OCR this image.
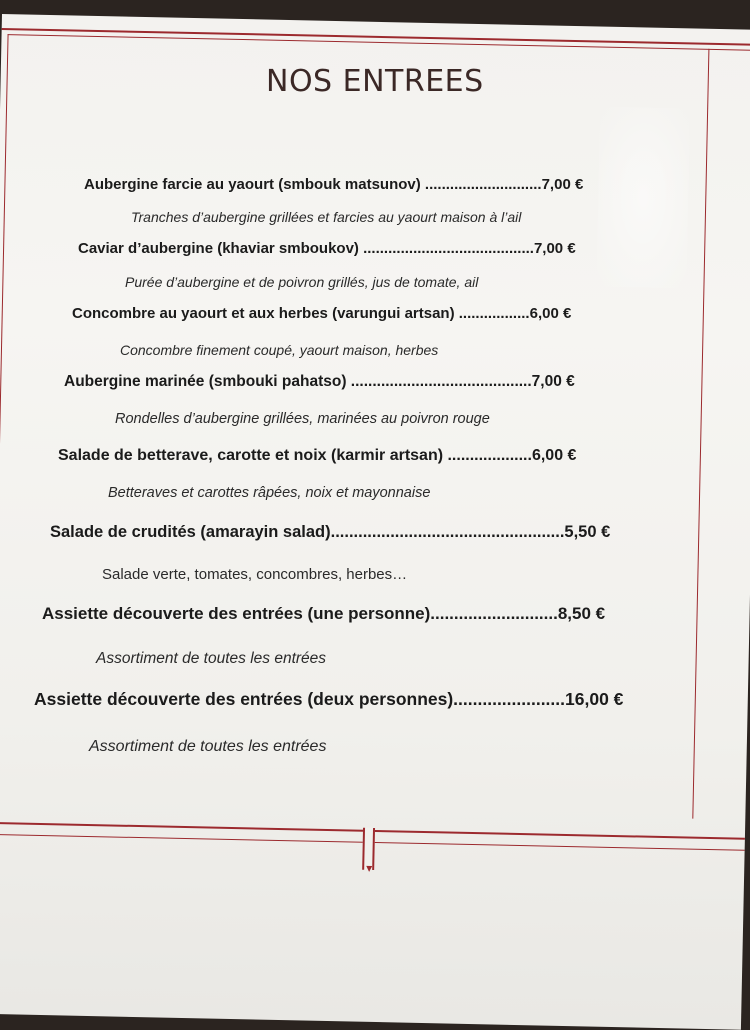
NOS ENTREES
Aubergine farcie au yaourt (smbouk matsunov) ............................7,00 €
Tranches d’aubergine grillées et farcies au yaourt maison à l’ail
Caviar d’aubergine (khaviar smboukov) .........................................7,00 €
Purée d’aubergine et de poivron grillés, jus de tomate, ail
Concombre au yaourt et aux herbes (varungui artsan) .................6,00 €
Concombre finement coupé, yaourt maison, herbes
Aubergine marinée (smbouki pahatso) ..........................................7,00 €
Rondelles d’aubergine grillées, marinées au poivron rouge
Salade de betterave, carotte et noix (karmir artsan) ...................6,00 €
Betteraves et carottes râpées, noix et mayonnaise
Salade de crudités (amarayin salad)...................................................5,50 €
Salade verte, tomates, concombres, herbes…
Assiette découverte des entrées (une personne)...........................8,50 €
Assortiment de toutes les entrées
Assiette découverte des entrées (deux personnes).......................16,00 €
Assortiment de toutes les entrées
